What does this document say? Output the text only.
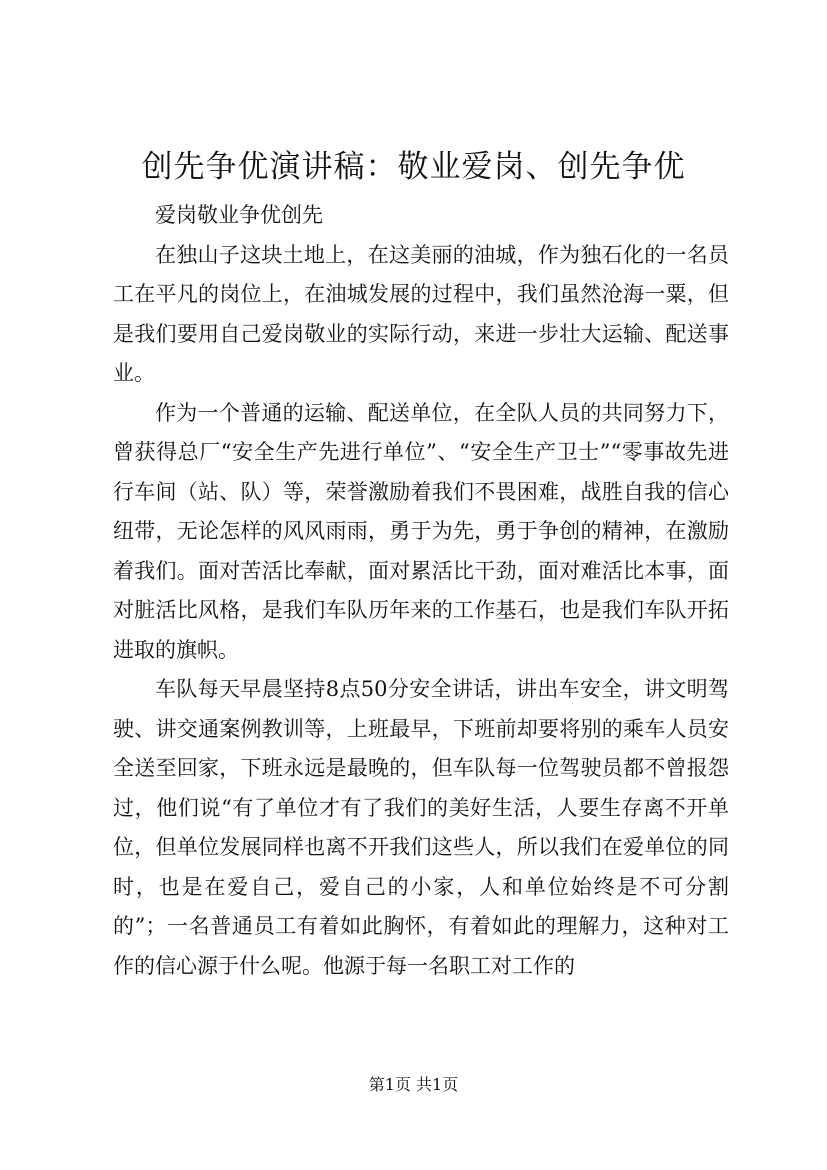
创先争优演讲稿：敬业爱岗、创先争优

爱岗敬业争优创先

在独山子这块土地上，在这美丽的油城，作为独石化的一名员工在平凡的岗位上，在油城发展的过程中，我们虽然沧海一粟，但是我们要用自己爱岗敬业的实际行动，来进一步壮大运输、配送事业。

作为一个普通的运输、配送单位，在全队人员的共同努力下，曾获得总厂“安全生产先进行单位”、“安全生产卫士”“零事故先进行车间（站、队）等，荣誉激励着我们不畏困难，战胜自我的信心纽带，无论怎样的风风雨雨，勇于为先，勇于争创的精神，在激励着我们。面对苦活比奉献，面对累活比干劲，面对难活比本事，面对脏活比风格，是我们车队历年来的工作基石，也是我们车队开拓进取的旗帜。

车队每天早晨坚持8点50分安全讲话，讲出车安全，讲文明驾驶、讲交通案例教训等，上班最早，下班前却要将别的乘车人员安全送至回家，下班永远是最晚的，但车队每一位驾驶员都不曾报怨过，他们说“有了单位才有了我们的美好生活，人要生存离不开单位，但单位发展同样也离不开我们这些人，所以我们在爱单位的同时，也是在爱自己，爱自己的小家，人和单位始终是不可分割的”；一名普通员工有着如此胸怀，有着如此的理解力，这种对工作的信心源于什么呢。他源于每一名职工对工作的

第1页 共1页
